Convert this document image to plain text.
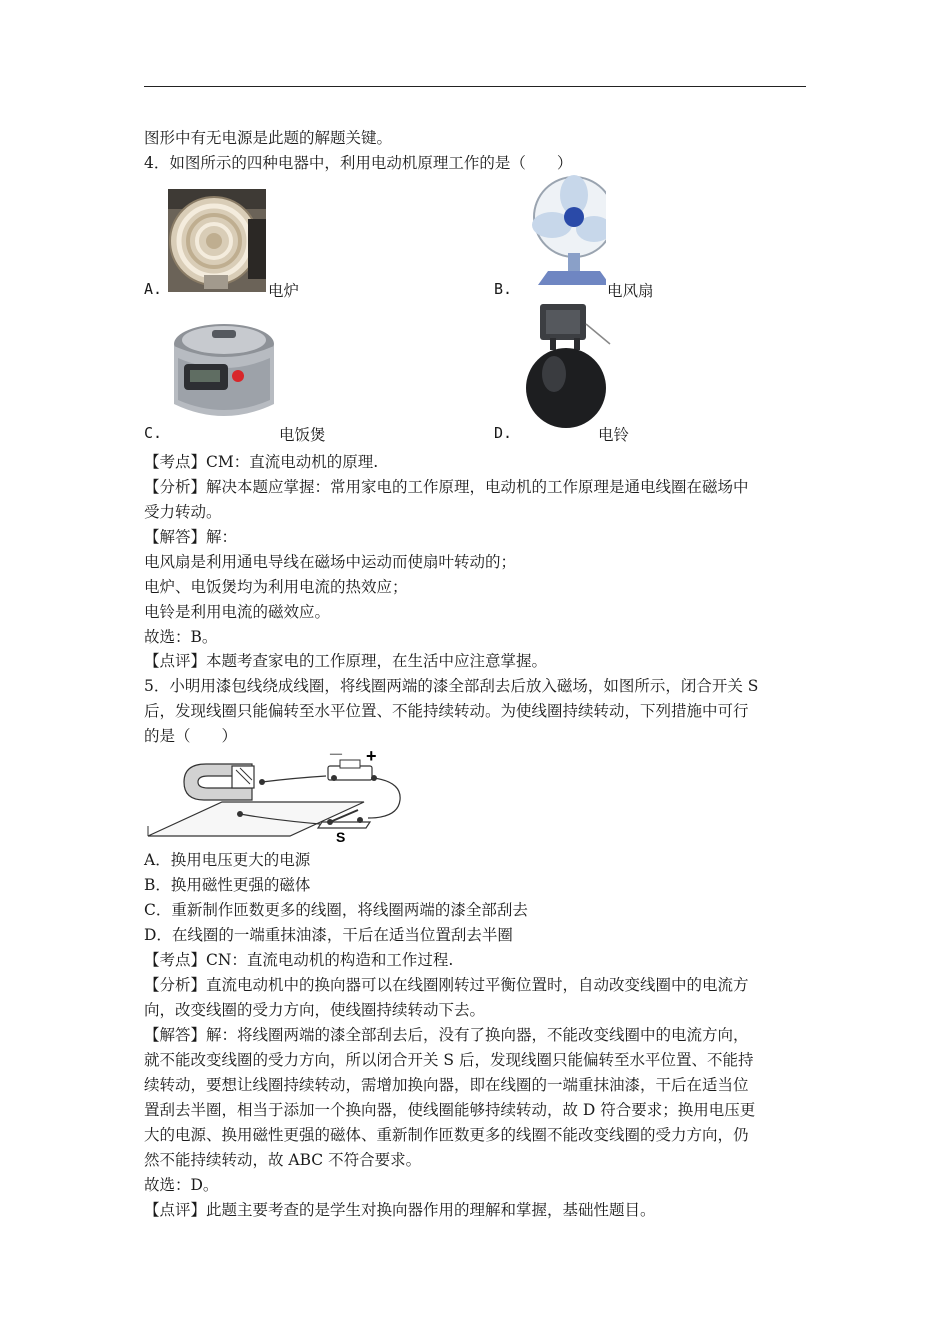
图形中有无电源是此题的解题关键。
4．如图所示的四种电器中，利用电动机原理工作的是（　　）
A.	电炉	B.	电风扇
C.	电饭煲	D.	电铃
【考点】CM：直流电动机的原理.
【分析】解决本题应掌握：常用家电的工作原理，电动机的工作原理是通电线圈在磁场中
受力转动。
【解答】解：
电风扇是利用通电导线在磁场中运动而使扇叶转动的；
电炉、电饭煲均为利用电流的热效应；
电铃是利用电流的磁效应。
故选：B。
【点评】本题考查家电的工作原理，在生活中应注意掌握。
5．小明用漆包线绕成线圈，将线圈两端的漆全部刮去后放入磁场，如图所示，闭合开关 S
后，发现线圈只能偏转至水平位置、不能持续转动。为使线圈持续转动，下列措施中可行
的是（　　）
－ +
S
A．换用电压更大的电源
B．换用磁性更强的磁体
C．重新制作匝数更多的线圈，将线圈两端的漆全部刮去
D．在线圈的一端重抹油漆，干后在适当位置刮去半圈
【考点】CN：直流电动机的构造和工作过程.
【分析】直流电动机中的换向器可以在线圈刚转过平衡位置时，自动改变线圈中的电流方
向，改变线圈的受力方向，使线圈持续转动下去。
【解答】解：将线圈两端的漆全部刮去后，没有了换向器，不能改变线圈中的电流方向，
就不能改变线圈的受力方向，所以闭合开关 S 后，发现线圈只能偏转至水平位置、不能持
续转动，要想让线圈持续转动，需增加换向器，即在线圈的一端重抹油漆，干后在适当位
置刮去半圈，相当于添加一个换向器，使线圈能够持续转动，故 D 符合要求；换用电压更
大的电源、换用磁性更强的磁体、重新制作匝数更多的线圈不能改变线圈的受力方向，仍
然不能持续转动，故 ABC 不符合要求。
故选：D。
【点评】此题主要考查的是学生对换向器作用的理解和掌握，基础性题目。
